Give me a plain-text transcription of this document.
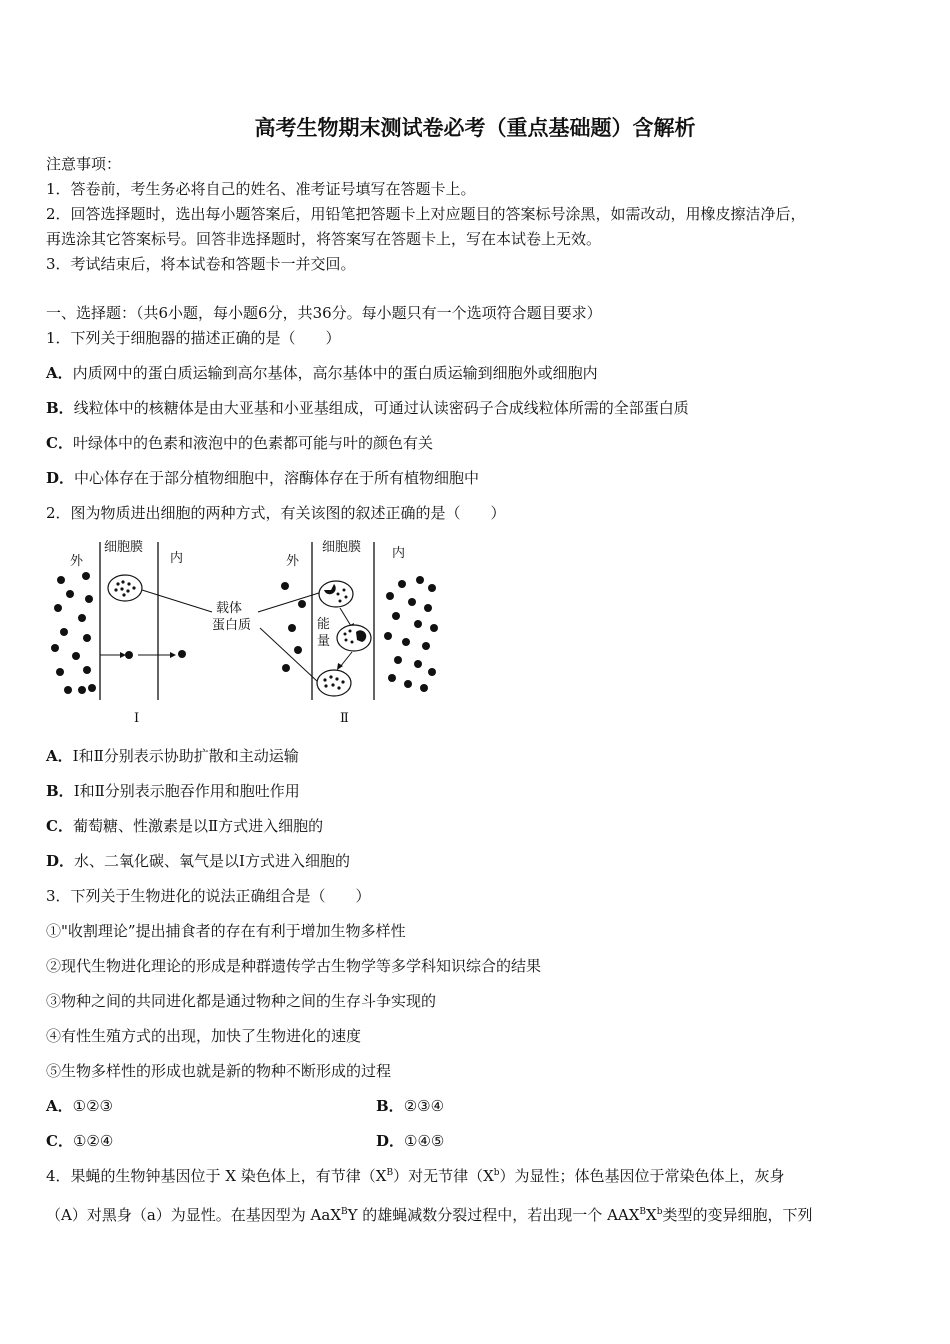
高考生物期末测试卷必考（重点基础题）含解析
注意事项：
1．答卷前，考生务必将自己的姓名、准考证号填写在答题卡上。
2．回答选择题时，选出每小题答案后，用铅笔把答题卡上对应题目的答案标号涂黑，如需改动，用橡皮擦洁净后，
再选涂其它答案标号。回答非选择题时，将答案写在答题卡上，写在本试卷上无效。
3．考试结束后，将本试卷和答题卡一并交回。
一、选择题：（共6小题，每小题6分，共36分。每小题只有一个选项符合题目要求）
1．下列关于细胞器的描述正确的是（　　）
A．内质网中的蛋白质运输到高尔基体，高尔基体中的蛋白质运输到细胞外或细胞内
B．线粒体中的核糖体是由大亚基和小亚基组成，可通过认读密码子合成线粒体所需的全部蛋白质
C．叶绿体中的色素和液泡中的色素都可能与叶的颜色有关
D．中心体存在于部分植物细胞中，溶酶体存在于所有植物细胞中
2．图为物质进出细胞的两种方式，有关该图的叙述正确的是（　　）
外
细胞膜
内
Ⅰ
载体
蛋白质
外
细胞膜 内
能
量
Ⅱ
A．Ⅰ和Ⅱ分别表示协助扩散和主动运输
B．Ⅰ和Ⅱ分别表示胞吞作用和胞吐作用
C．葡萄糖、性激素是以Ⅱ方式进入细胞的
D．水、二氧化碳、氧气是以Ⅰ方式进入细胞的
3．下列关于生物进化的说法正确组合是（　　）
①"收割理论”提出捕食者的存在有利于增加生物多样性
②现代生物进化理论的形成是种群遗传学古生物学等多学科知识综合的结果
③物种之间的共同进化都是通过物种之间的生存斗争实现的
④有性生殖方式的出现，加快了生物进化的速度
⑤生物多样性的形成也就是新的物种不断形成的过程
A．①②③	B．②③④
C．①②④	D．①④⑤
4．果蝇的生物钟基因位于 X 染色体上，有节律$(X^B)$对无节律$(X^b)$为显性；体色基因位于常染色体上，灰身
（A）对黑身（a）为显性。在基因型为 AaX$^B$Y 的雄蝇减数分裂过程中，若出现一个 $AAX^BX^b$类型的变异细胞，下列
